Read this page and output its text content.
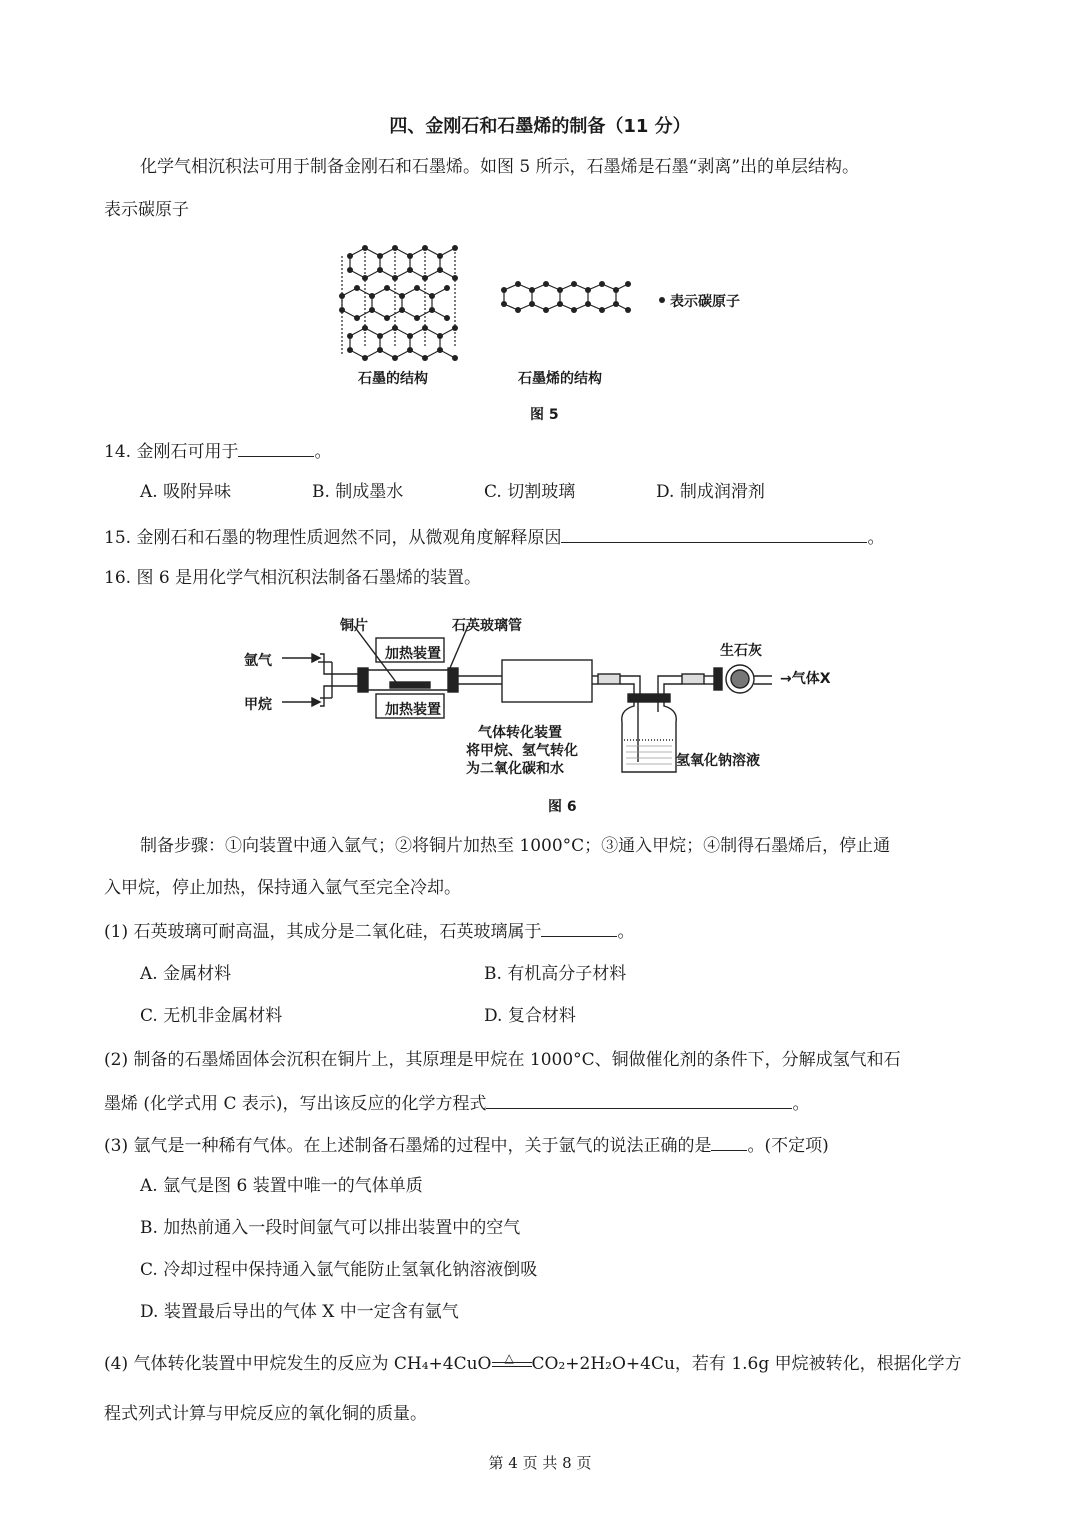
四、金刚石和石墨烯的制备（11 分）
化学气相沉积法可用于制备金刚石和石墨烯。如图 5 所示，石墨烯是石墨“剥离”出的单层结构。
表示碳原子
表示碳原子
石墨的结构	石墨烯的结构
图 5
14. 金刚石可用于	。
A. 吸附异味	B. 制成墨水	C. 切割玻璃	D. 制成润滑剂
15. 金刚石和石墨的物理性质迥然不同，从微观角度解释原因	。
16. 图 6 是用化学气相沉积法制备石墨烯的装置。
铜片	石英玻璃管
氩气
甲烷
加热装置
加热装置
气体转化装置
将甲烷、氢气转化
为二氧化碳和水
生石灰
→气体X
氢氧化钠溶液
图 6
制备步骤：①向装置中通入氩气；②将铜片加热至 1000°C；③通入甲烷；④制得石墨烯后，停止通
入甲烷，停止加热，保持通入氩气至完全冷却。
(1) 石英玻璃可耐高温，其成分是二氧化硅，石英玻璃属于	。
A. 金属材料	B. 有机高分子材料
C. 无机非金属材料	D. 复合材料
(2) 制备的石墨烯固体会沉积在铜片上，其原理是甲烷在 1000°C、铜做催化剂的条件下，分解成氢气和石
墨烯 (化学式用 C 表示)，写出该反应的化学方程式	。
(3) 氩气是一种稀有气体。在上述制备石墨烯的过程中，关于氩气的说法正确的是 。(不定项)
A. 氩气是图 6 装置中唯一的气体单质
B. 加热前通入一段时间氩气可以排出装置中的空气
C. 冷却过程中保持通入氩气能防止氢氧化钠溶液倒吸
D. 装置最后导出的气体 X 中一定含有氩气
(4) 气体转化装置中甲烷发生的反应为 CH₄+4CuO △ CO₂+2H₂O+4Cu，若有 1.6g 甲烷被转化，根据化学方
程式列式计算与甲烷反应的氧化铜的质量。
第 4 页 共 8 页
